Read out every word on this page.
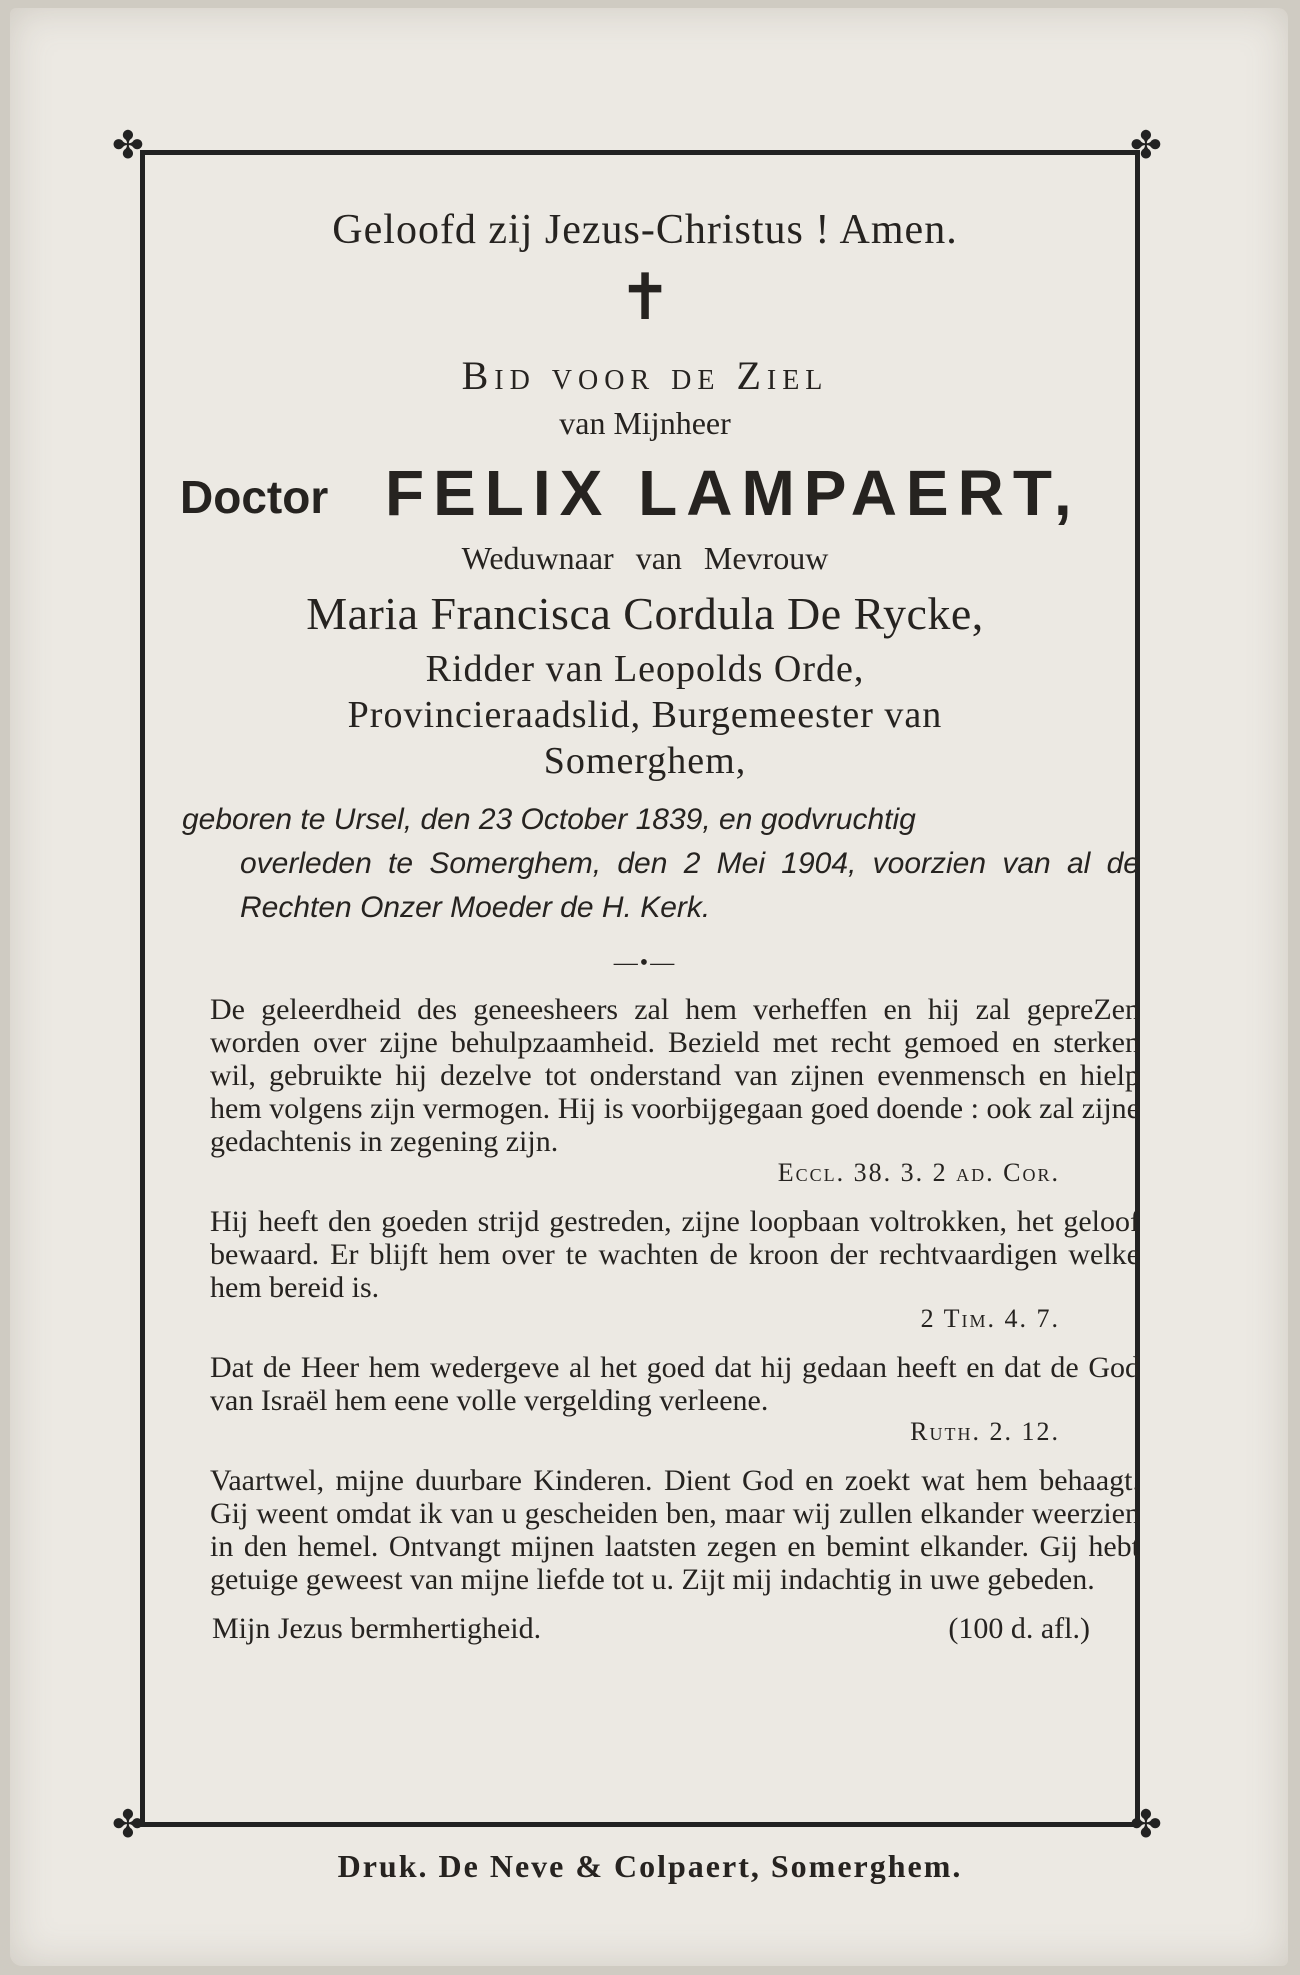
✤	✤
✤	✤
Geloofd zij Jezus-Christus ! Amen.
✝
Bid voor de Ziel
van Mijnheer
Doctor FELIX LAMPAERT,
Weduwnaar van Mevrouw
Maria Francisca Cordula De Rycke,
Ridder van Leopolds Orde,
Provincieraadslid, Burgemeester van
Somerghem,
geboren te Ursel, den 23 October 1839, en godvruchtig
overleden te Somerghem, den 2 Mei 1904, voorzien van al de Rechten Onzer Moeder de H. Kerk.
—•—
De geleerdheid des geneesheers zal hem verheffen en hij zal gepreZen worden over zijne behulpzaamheid. Bezield met recht gemoed en sterken wil, gebruikte hij dezelve tot onderstand van zijnen evenmensch en hielp hem volgens zijn vermogen. Hij is voorbijgegaan goed doende : ook zal zijne gedachtenis in zegening zijn.
Eccl. 38. 3. 2 ad. Cor.
Hij heeft den goeden strijd gestreden, zijne loopbaan voltrokken, het geloof bewaard. Er blijft hem over te wachten de kroon der rechtvaardigen welke hem bereid is.
2 Tim. 4. 7.
Dat de Heer hem wedergeve al het goed dat hij gedaan heeft en dat de God van Israël hem eene volle vergelding verleene.
Ruth. 2. 12.
Vaartwel, mijne duurbare Kinderen. Dient God en zoekt wat hem behaagt. Gij weent omdat ik van u gescheiden ben, maar wij zullen elkander weerzien in den hemel. Ontvangt mijnen laatsten zegen en bemint elkander. Gij hebt getuige geweest van mijne liefde tot u. Zijt mij indachtig in uwe gebeden.
Mijn Jezus bermhertigheid.	(100 d. afl.)
Druk. De Neve & Colpaert, Somerghem.
